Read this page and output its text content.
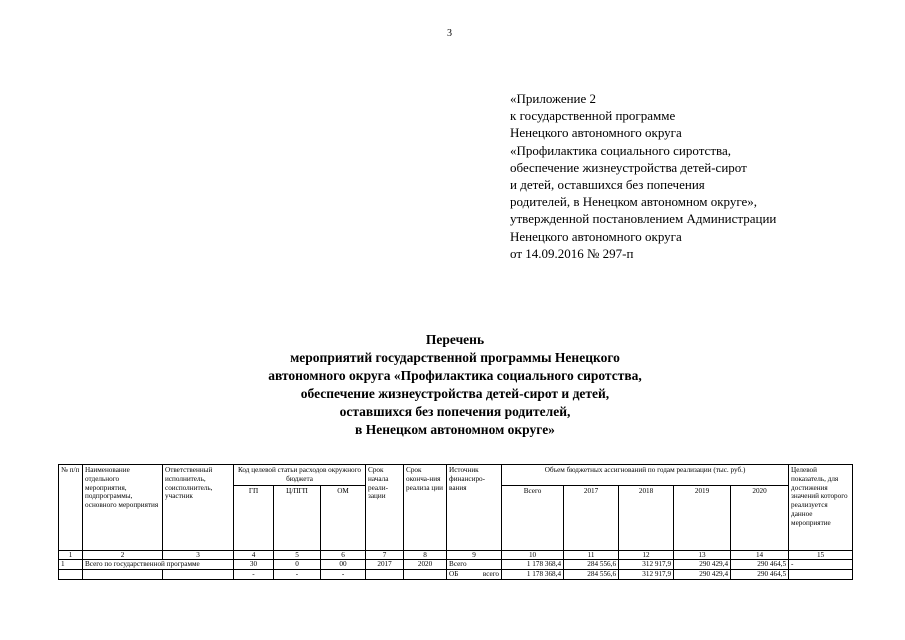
3
«Приложение 2
к государственной программе
Ненецкого автономного округа
«Профилактика социального сиротства,
обеспечение жизнеустройства детей-сирот
и детей, оставшихся без попечения
родителей, в Ненецком автономном округе»,
утвержденной постановлением Администрации
Ненецкого автономного округа
от 14.09.2016 № 297-п
Перечень
мероприятий государственной программы Ненецкого
автономного округа «Профилактика социального сиротства,
обеспечение жизнеустройства детей-сирот и детей,
оставшихся без попечения родителей,
в Ненецком автономном округе»
№ п/п	Наименование отдельного мероприятия, подпрограммы, основного мероприятия	Ответственный исполнитель, соисполнитель, участник	Код целевой статьи расходов окружного бюджета			Срок начала реали-зации	Срок оконча-ния реализа ции	Источник финансиро-вания	Объем бюджетных ассигнований по годам реализации (тыс. руб.)					Целевой показатель, для достижения значений которого реализуется данное мероприятие
			ГП	Ц/ПГП	ОМ				Всего	2017	2018	2019	2020	
1	2	3	4	5	6	7	8	9	10	11	12	13	14	15
1	Всего по государственной программе		30	0	00	2017	2020	Всего	1 178 368,4	284 556,6	312 917,9	290 429,4	290 464,5	-
			-	-	-			ОБ всего	1 178 368,4	284 556,6	312 917,9	290 429,4	290 464,5	
